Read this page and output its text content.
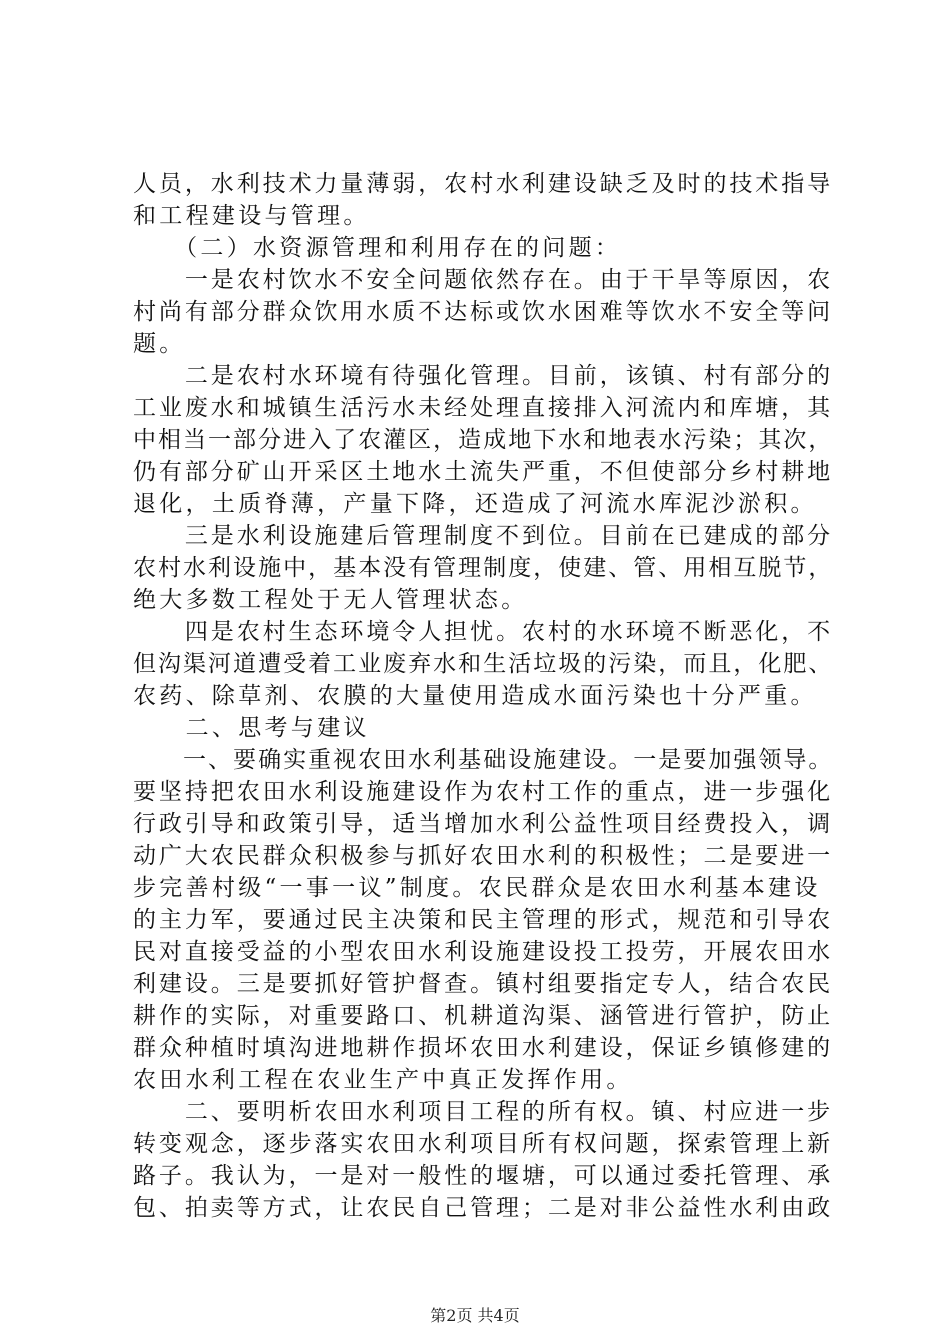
人员，水利技术力量薄弱，农村水利建设缺乏及时的技术指导
和工程建设与管理。
　　（二）水资源管理和利用存在的问题：
　　一是农村饮水不安全问题依然存在。由于干旱等原因，农
村尚有部分群众饮用水质不达标或饮水困难等饮水不安全等问
题。
　　二是农村水环境有待强化管理。目前，该镇、村有部分的
工业废水和城镇生活污水未经处理直接排入河流内和库塘，其
中相当一部分进入了农灌区，造成地下水和地表水污染；其次，
仍有部分矿山开采区土地水土流失严重，不但使部分乡村耕地
退化，土质脊薄，产量下降，还造成了河流水库泥沙淤积。
　　三是水利设施建后管理制度不到位。目前在已建成的部分
农村水利设施中，基本没有管理制度，使建、管、用相互脱节，
绝大多数工程处于无人管理状态。
　　四是农村生态环境令人担忧。农村的水环境不断恶化，不
但沟渠河道遭受着工业废弃水和生活垃圾的污染，而且，化肥、
农药、除草剂、农膜的大量使用造成水面污染也十分严重。
　　二、思考与建议
　　一、要确实重视农田水利基础设施建设。一是要加强领导。
要坚持把农田水利设施建设作为农村工作的重点，进一步强化
行政引导和政策引导，适当增加水利公益性项目经费投入，调
动广大农民群众积极参与抓好农田水利的积极性；二是要进一
步完善村级“一事一议”制度。农民群众是农田水利基本建设
的主力军，要通过民主决策和民主管理的形式，规范和引导农
民对直接受益的小型农田水利设施建设投工投劳，开展农田水
利建设。三是要抓好管护督查。镇村组要指定专人，结合农民
耕作的实际，对重要路口、机耕道沟渠、涵管进行管护，防止
群众种植时填沟进地耕作损坏农田水利建设，保证乡镇修建的
农田水利工程在农业生产中真正发挥作用。
　　二、要明析农田水利项目工程的所有权。镇、村应进一步
转变观念，逐步落实农田水利项目所有权问题，探索管理上新
路子。我认为，一是对一般性的堰塘，可以通过委托管理、承
包、拍卖等方式，让农民自己管理；二是对非公益性水利由政
第2页 共4页
